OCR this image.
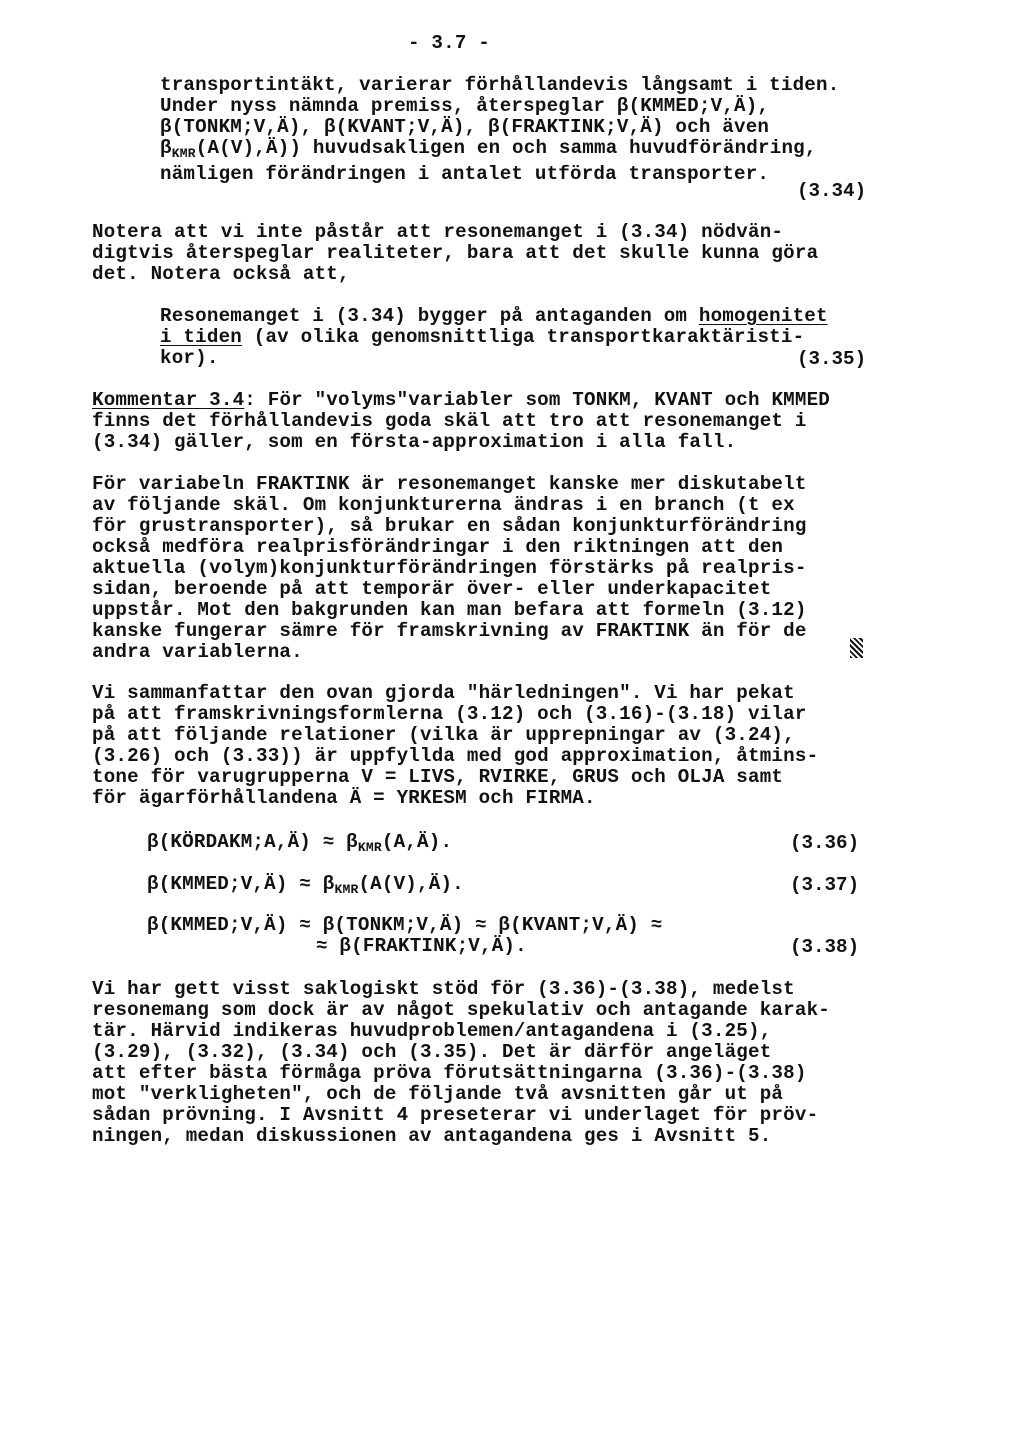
- 3.7 -
transportintäkt, varierar förhållandevis långsamt i tiden.
Under nyss nämnda premiss, återspeglar β(KMMED;V,Ä),
β(TONKM;V,Ä), β(KVANT;V,Ä), β(FRAKTINK;V,Ä) och även
$\beta_{KMR}(A(V),Ä)$) huvudsakligen en och samma huvudförändring,
nämligen förändringen i antalet utförda transporter.
(3.34)
Notera att vi inte påstår att resonemanget i (3.34) nödvän-
digtvis återspeglar realiteter, bara att det skulle kunna göra
det. Notera också att,
Resonemanget i (3.34) bygger på antaganden om homogenitet
i tiden (av olika genomsnittliga transportkaraktäristi-
kor).	(3.35)
Kommentar 3.4: För "volyms"variabler som TONKM, KVANT och KMMED
finns det förhållandevis goda skäl att tro att resonemanget i
(3.34) gäller, som en första-approximation i alla fall.
För variabeln FRAKTINK är resonemanget kanske mer diskutabelt
av följande skäl. Om konjunkturerna ändras i en branch (t ex
för grustransporter), så brukar en sådan konjunkturförändring
också medföra realprisförändringar i den riktningen att den
aktuella (volym)konjunkturförändringen förstärks på realpris-
sidan, beroende på att temporär över- eller underkapacitet
uppstår. Mot den bakgrunden kan man befara att formeln (3.12)
kanske fungerar sämre för framskrivning av FRAKTINK än för de
andra variablerna.
Vi sammanfattar den ovan gjorda "härledningen". Vi har pekat
på att framskrivningsformlerna (3.12) och (3.16)-(3.18) vilar
på att följande relationer (vilka är upprepningar av (3.24),
(3.26) och (3.33)) är uppfyllda med god approximation, åtmins-
tone för varugrupperna V = LIVS, RVIRKE, GRUS och OLJA samt
för ägarförhållandena Ä = YRKESM och FIRMA.
β(KÖRDAKM;A,Ä) ≈ $\beta_{KMR}(A,Ä)$.	(3.36)
β(KMMED;V,Ä) ≈ $\beta_{KMR}(A(V),Ä)$.	(3.37)
β(KMMED;V,Ä) ≈ β(TONKM;V,Ä) ≈ β(KVANT;V,Ä) ≈
≈ β(FRAKTINK;V,Ä).	(3.38)
Vi har gett visst saklogiskt stöd för (3.36)-(3.38), medelst
resonemang som dock är av något spekulativ och antagande karak-
tär. Härvid indikeras huvudproblemen/antagandena i (3.25),
(3.29), (3.32), (3.34) och (3.35). Det är därför angeläget
att efter bästa förmåga pröva förutsättningarna (3.36)-(3.38)
mot "verkligheten", och de följande två avsnitten går ut på
sådan prövning. I Avsnitt 4 preseterar vi underlaget för pröv-
ningen, medan diskussionen av antagandena ges i Avsnitt 5.
